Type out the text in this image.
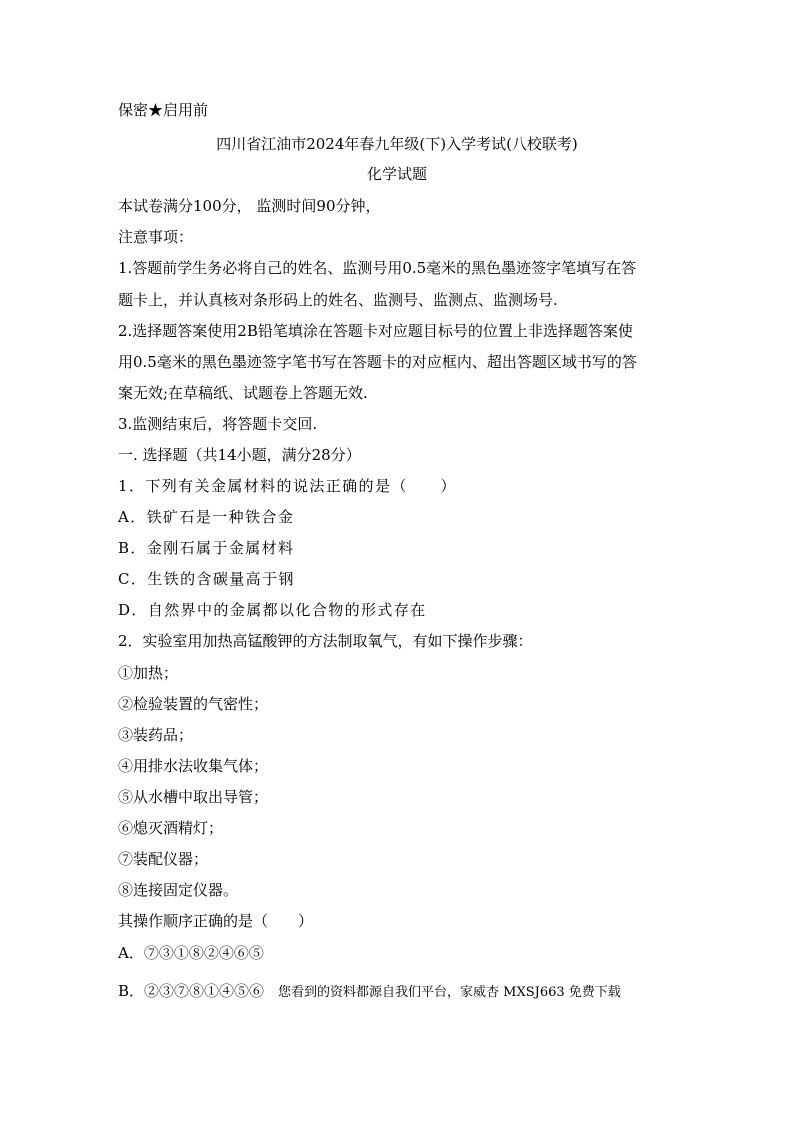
保密★启用前
四川省江油市2024年春九年级(下)入学考试(八校联考)
化学试题
本试卷满分100分， 监测时间90分钟，
注意事项：
1.答题前学生务必将自己的姓名、监测号用0.5毫米的黑色墨迹签字笔填写在答
题卡上，并认真核对条形码上的姓名、监测号、监测点、监测场号.
2.选择题答案使用2B铅笔填涂在答题卡对应题目标号的位置上非选择题答案使
用0.5毫米的黑色墨迹签字笔书写在答题卡的对应框内、超出答题区域书写的答
案无效;在草稿纸、试题卷上答题无效.
3.监测结束后，将答题卡交回.
一. 选择题（共14小题，满分28分）
1．下列有关金属材料的说法正确的是（　　）
A．铁矿石是一种铁合金
B．金刚石属于金属材料
C．生铁的含碳量高于钢
D．自然界中的金属都以化合物的形式存在
2．实验室用加热高锰酸钾的方法制取氧气，有如下操作步骤：
①加热；
②检验装置的气密性；
③装药品；
④用排水法收集气体；
⑤从水槽中取出导管；
⑥熄灭酒精灯；
⑦装配仪器；
⑧连接固定仪器。
其操作顺序正确的是（　　）
A．⑦③①⑧②④⑥⑤
B．②③⑦⑧①④⑤⑥ 您看到的资料都源自我们平台，家威杏 MXSJ663 免费下载
